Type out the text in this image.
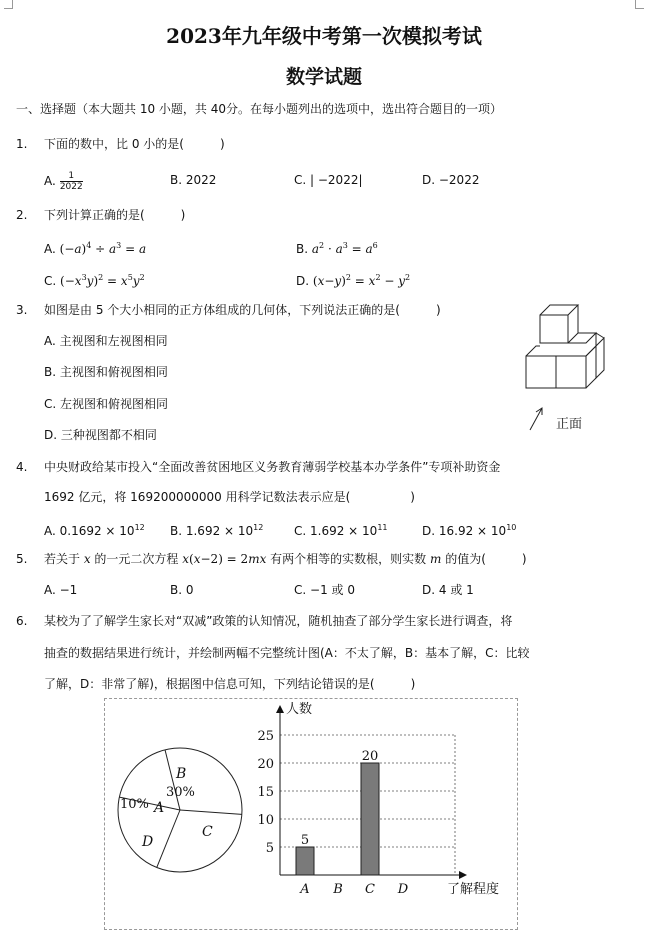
2023年九年级中考第一次模拟考试
数学试题
一、选择题（本大题共 10 小题，共 40分。在每小题列出的选项中，选出符合题目的一项）
1. 下面的数中，比 0 小的是(　　　)
A. $\frac{1}{2022}$	B. 2022	C. | −2022|	D. −2022
2. 下列计算正确的是(　　　)
A. $(-a)^4 \div a^3 = a$	B. $a^2 \cdot a^3 = a^6$
C. $(-x^3y)^2 = x^5y^2$	D. $(x-y)^2 = x^2 - y^2$
3. 如图是由 5 个大小相同的正方体组成的几何体，下列说法正确的是(　　　)
A. 主视图和左视图相同
B. 主视图和俯视图相同
C. 左视图和俯视图相同
D. 三种视图都不相同
正面
4. 中央财政给某市投入“全面改善贫困地区义务教育薄弱学校基本办学条件”专项补助资金
1692 亿元，将 169200000000 用科学记数法表示应是(　　　　　)
A. $0.1692 \times 10^{12}$ B. $1.692 \times 10^{12}$	C. $1.692 \times 10^{11}$	D. $16.92 \times 10^{10}$
5. 若关于 x 的一元二次方程 x(x−2) = 2mx 有两个相等的实数根，则实数 m 的值为(　　　)
A. −1	B. 0	C. −1 或 0	D. 4 或 1
6. 某校为了了解学生家长对“双减”政策的认知情况，随机抽查了部分学生家长进行调查，将
抽查的数据结果进行统计，并绘制两幅不完整统计图(A：不太了解，B：基本了解，C：比较
了解，D：非常了解)，根据图中信息可知，下列结论错误的是(　　　)
A
10%
B
30%
C
D	5
10
15
20
25
人数
了解程度
A
5
B C
20
D
